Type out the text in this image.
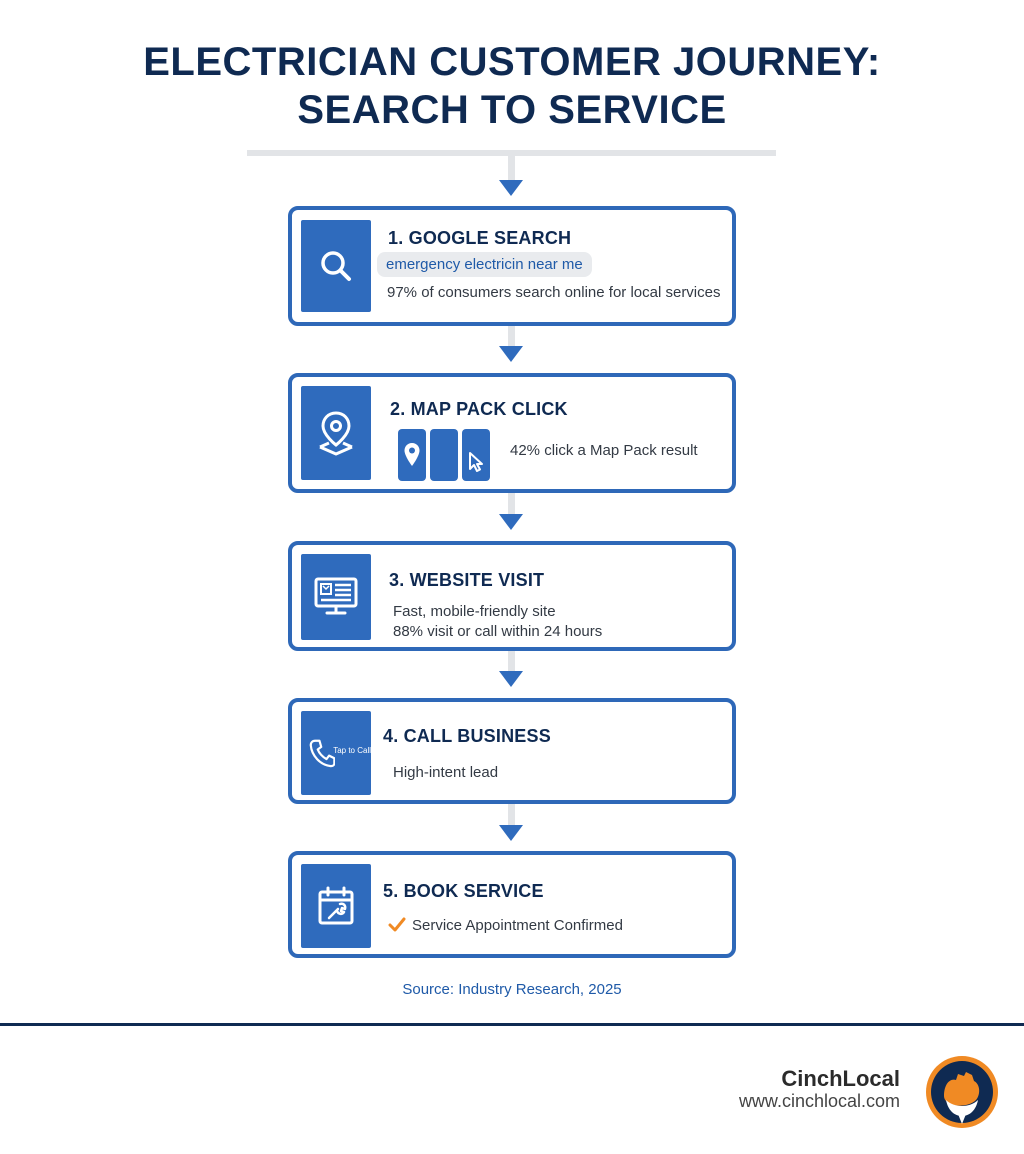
ELECTRICIAN CUSTOMER JOURNEY:
SEARCH TO SERVICE
1. GOOGLE SEARCH
emergency electricin near me
97% of consumers search online for local services
2. MAP PACK CLICK
42% click a Map Pack result
3. WEBSITE VISIT
Fast, mobile-friendly site
88% visit or call within 24 hours
Tap to Call
4. CALL BUSINESS
High-intent lead
5. BOOK SERVICE
Service Appointment Confirmed
Source: Industry Research, 2025
CinchLocal
www.cinchlocal.com
